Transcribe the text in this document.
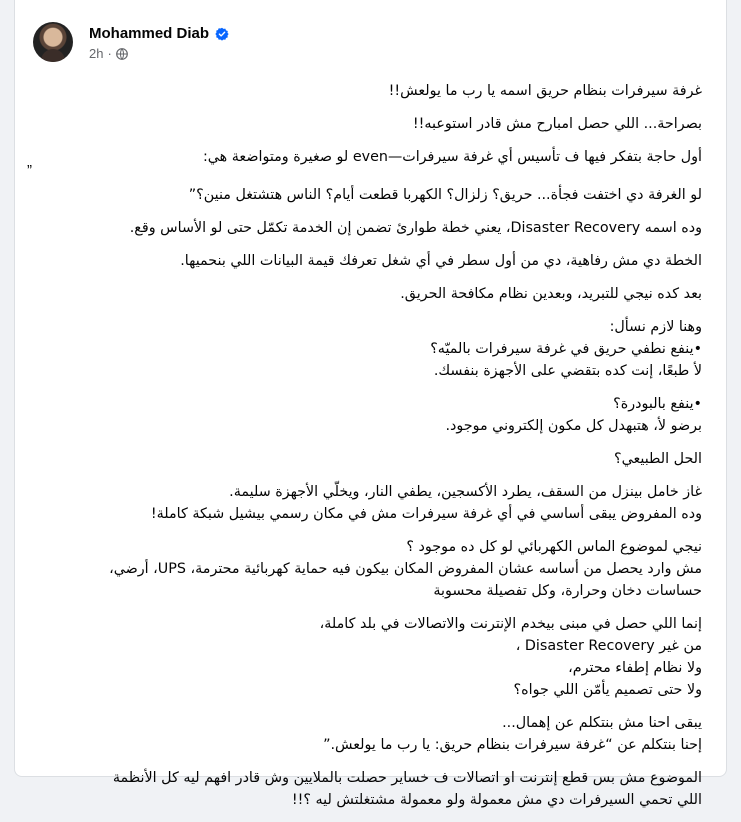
Mohammed Diab
2h ·
”

غرفة سيرفرات بنظام حريق اسمه يا رب ما يولعش!!

بصراحة... اللي حصل امبارح مش قادر استوعبه!!

أول حاجة بتفكر فيها ف تأسيس أي غرفة سيرفرات—even لو صغيرة ومتواضعة هي:

لو الغرفة دي اختفت فجأة... حريق؟ زلزال؟ الكهربا قطعت أيام؟ الناس هتشتغل منين؟”

وده اسمه Disaster Recovery، يعني خطة طوارئ تضمن إن الخدمة تكمّل حتى لو الأساس وقع.

الخطة دي مش رفاهية، دي من أول سطر في أي شغل تعرفك قيمة البيانات اللي بنحميها.

بعد كده نيجي للتبريد، وبعدين نظام مكافحة الحريق.

وهنا لازم نسأل:
•ينفع نطفي حريق في غرفة سيرفرات بالميّه؟
لأ طبعًا، إنت كده بتقضي على الأجهزة بنفسك.

•ينفع بالبودرة؟
برضو لأ، هتبهدل كل مكون إلكتروني موجود.

الحل الطبيعي؟

غاز خامل بينزل من السقف، يطرد الأكسجين، يطفي النار، ويخلّي الأجهزة سليمة.
وده المفروض يبقى أساسي في أي غرفة سيرفرات مش في مكان رسمي بيشيل شبكة كاملة!

نيجي لموضوع الماس الكهربائي لو كل ده موجود ؟
مش وارد يحصل من أساسه عشان المفروض المكان بيكون فيه حماية كهربائية محترمة، UPS، أرضي،
حساسات دخان وحرارة، وكل تفصيلة محسوبة

إنما اللي حصل في مبنى بيخدم الإنترنت والاتصالات في بلد كاملة،
من غير Disaster Recovery ،
ولا نظام إطفاء محترم،
ولا حتى تصميم يأمّن اللي جواه؟

يبقى احنا مش بنتكلم عن إهمال...
إحنا بنتكلم عن “غرفة سيرفرات بنظام حريق: يا رب ما يولعش.”

الموضوع مش بس قطع إنترنت او اتصالات ف خساير حصلت بالملايين وش قادر افهم ليه كل الأنظمة
اللي تحمي السيرفرات دي مش معمولة ولو معمولة مشتغلتش ليه ؟!!
